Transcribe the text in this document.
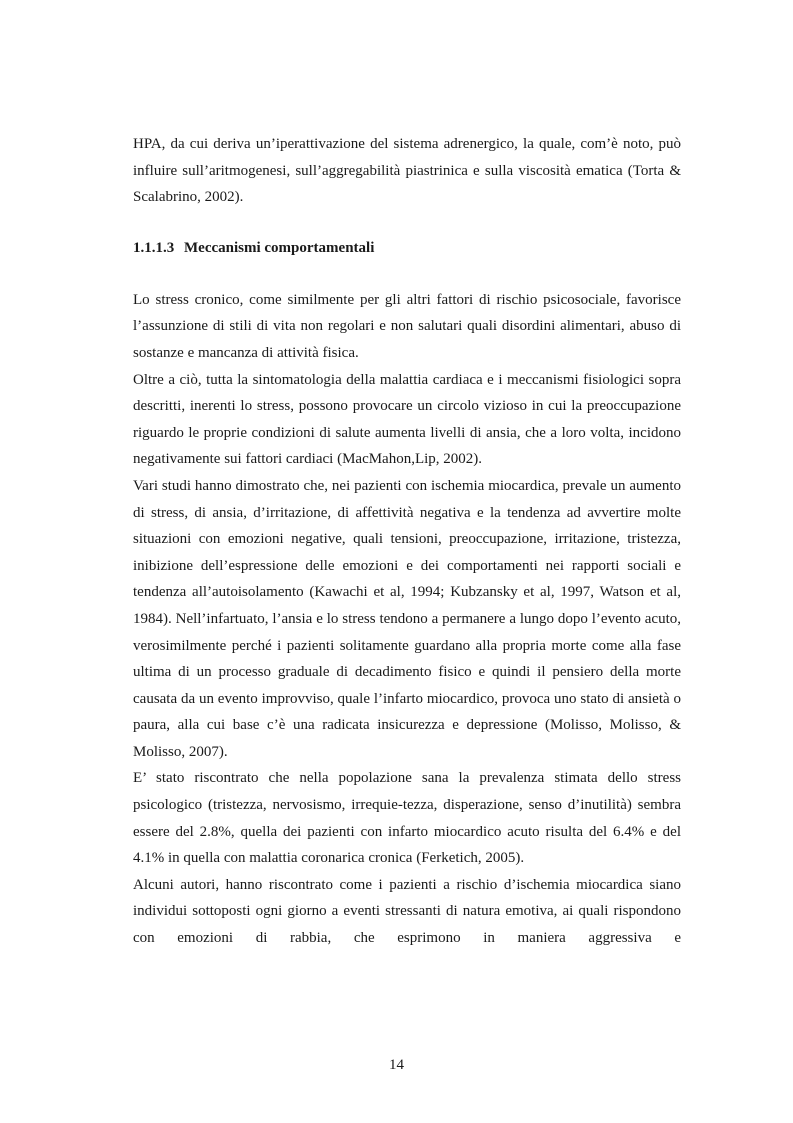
HPA, da cui deriva un’iperattivazione del sistema adrenergico, la quale, com’è noto, può influire sull’aritmogenesi, sull’aggregabilità piastrinica e sulla viscosità ematica (Torta & Scalabrino, 2002).

1.1.1.3 Meccanismi comportamentali

Lo stress cronico, come similmente per gli altri fattori di rischio psicosociale, favorisce l’assunzione di stili di vita non regolari e non salutari quali disordini alimentari, abuso di sostanze e mancanza di attività fisica.

Oltre a ciò, tutta la sintomatologia della malattia cardiaca e i meccanismi fisiologici sopra descritti, inerenti lo stress, possono provocare un circolo vizioso in cui la preoccupazione riguardo le proprie condizioni di salute aumenta livelli di ansia, che a loro volta, incidono negativamente sui fattori cardiaci (MacMahon,Lip, 2002).

Vari studi hanno dimostrato che, nei pazienti con ischemia miocardica, prevale un aumento di stress, di ansia, d’irritazione, di affettività negativa e la tendenza ad avvertire molte situazioni con emozioni negative, quali tensioni, preoccupazione, irritazione, tristezza, inibizione dell’espressione delle emozioni e dei comportamenti nei rapporti sociali e tendenza all’autoisolamento (Kawachi et al, 1994; Kubzansky et al, 1997, Watson et al, 1984). Nell’infartuato, l’ansia e lo stress tendono a permanere a lungo dopo l’evento acuto, verosimilmente perché i pazienti solitamente guardano alla propria morte come alla fase ultima di un processo graduale di decadimento fisico e quindi il pensiero della morte causata da un evento improvviso, quale l’infarto miocardico, provoca uno stato di ansietà o paura, alla cui base c’è una radicata insicurezza e depressione (Molisso, Molisso, & Molisso, 2007).

E’ stato riscontrato che nella popolazione sana la prevalenza stimata dello stress psicologico (tristezza, nervosismo, irrequie-tezza, disperazione, senso d’inutilità) sembra essere del 2.8%, quella dei pazienti con infarto miocardico acuto risulta del 6.4% e del 4.1% in quella con malattia coronarica cronica (Ferketich, 2005).

Alcuni autori, hanno riscontrato come i pazienti a rischio d’ischemia miocardica siano individui sottoposti ogni giorno a eventi stressanti di natura emotiva, ai quali rispondono con emozioni di rabbia, che esprimono in maniera aggressiva e

14
